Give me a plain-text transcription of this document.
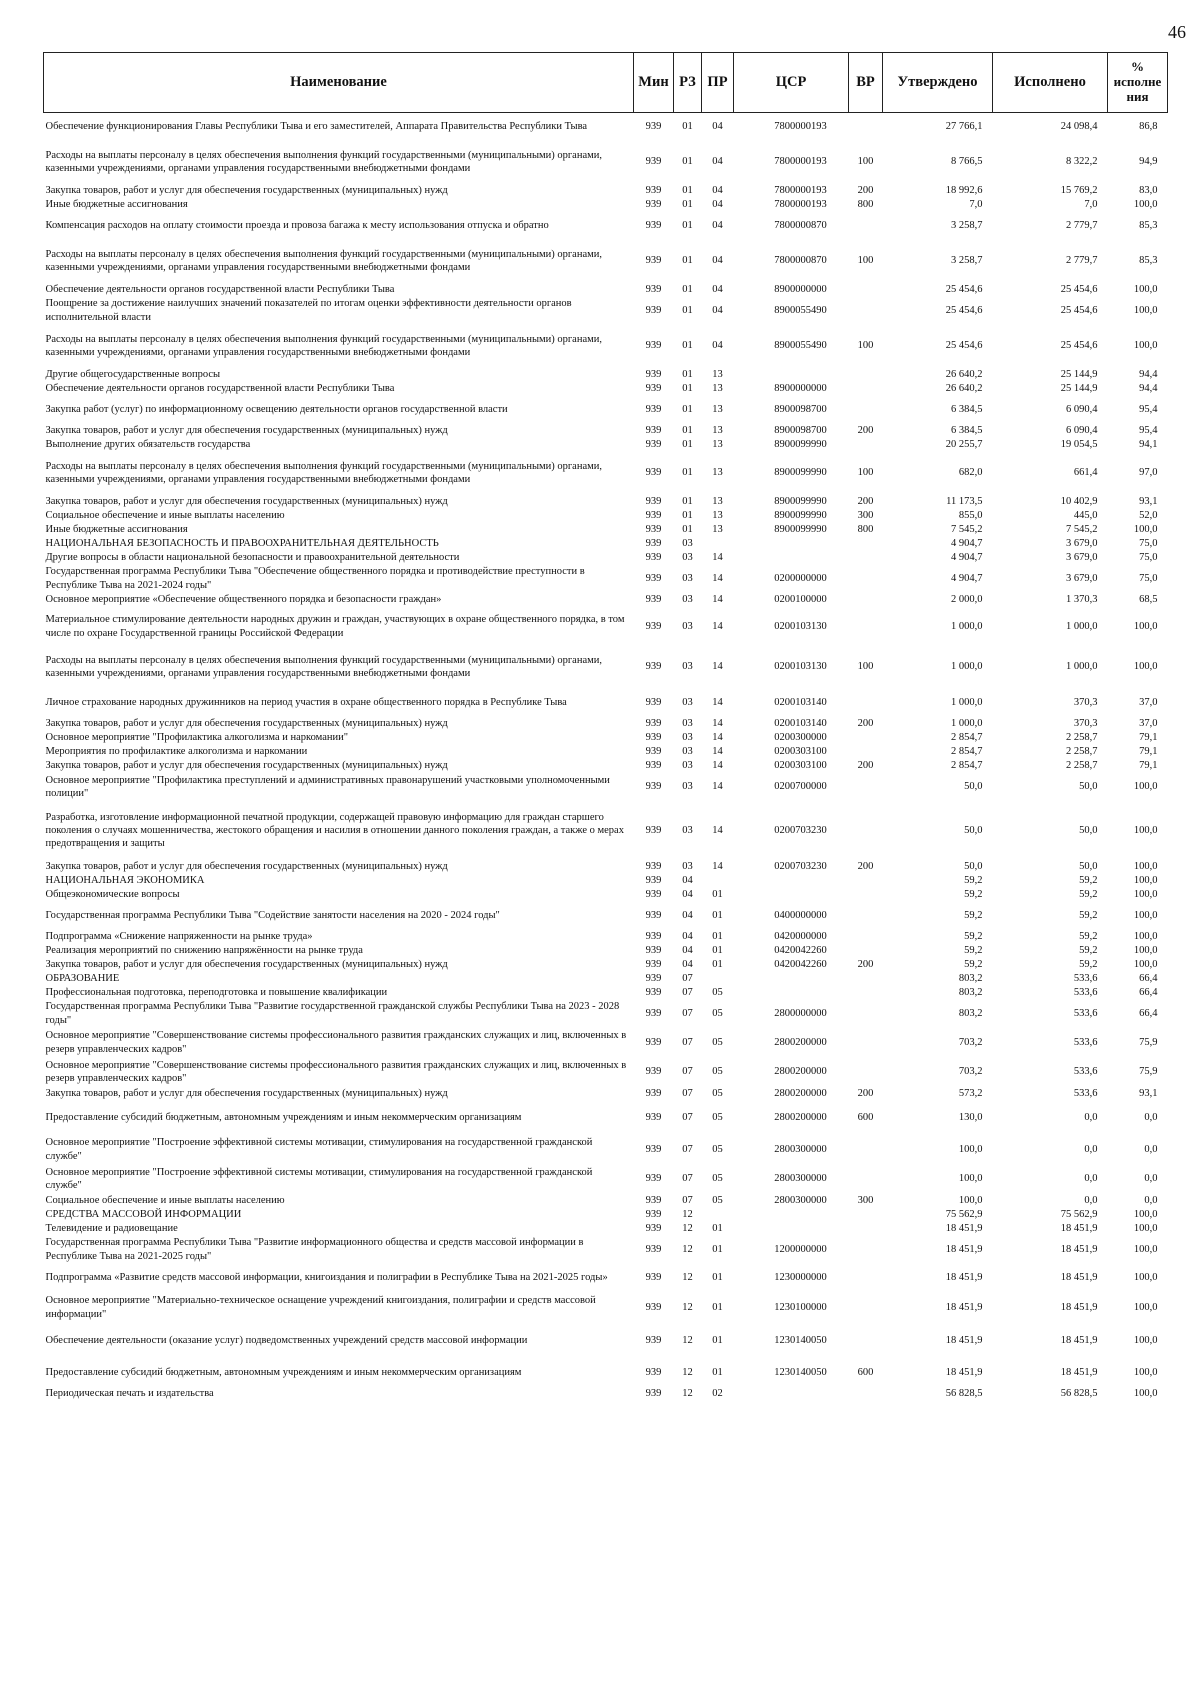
46
Наименование	Мин	РЗ	ПР	ЦСР	ВР	Утверждено	Исполнено	% исполне ния
Обеспечение функционирования Главы Республики Тыва и его заместителей, Аппарата Правительства Республики Тыва	939	01	04	7800000193		27 766,1	24 098,4	86,8
Расходы на выплаты персоналу в целях обеспечения выполнения функций государственными (муниципальными) органами, казенными учреждениями, органами управления государственными внебюджетными фондами	939	01	04	7800000193	100	8 766,5	8 322,2	94,9
Закупка товаров, работ и услуг для обеспечения государственных (муниципальных) нужд	939	01	04	7800000193	200	18 992,6	15 769,2	83,0
Иные бюджетные ассигнования	939	01	04	7800000193	800	7,0	7,0	100,0
Компенсация расходов на оплату стоимости проезда и провоза багажа к месту использования отпуска и обратно	939	01	04	7800000870		3 258,7	2 779,7	85,3
Расходы на выплаты персоналу в целях обеспечения выполнения функций государственными (муниципальными) органами, казенными учреждениями, органами управления государственными внебюджетными фондами	939	01	04	7800000870	100	3 258,7	2 779,7	85,3
Обеспечение деятельности органов государственной власти Республики Тыва	939	01	04	8900000000		25 454,6	25 454,6	100,0
Поощрение за достижение наилучших значений показателей по итогам оценки эффективности деятельности органов исполнительной власти	939	01	04	8900055490		25 454,6	25 454,6	100,0
Расходы на выплаты персоналу в целях обеспечения выполнения функций государственными (муниципальными) органами, казенными учреждениями, органами управления государственными внебюджетными фондами	939	01	04	8900055490	100	25 454,6	25 454,6	100,0
Другие общегосударственные вопросы	939	01	13			26 640,2	25 144,9	94,4
Обеспечение деятельности органов государственной власти Республики Тыва	939	01	13	8900000000		26 640,2	25 144,9	94,4
Закупка работ (услуг) по информационному освещению деятельности органов государственной власти	939	01	13	8900098700		6 384,5	6 090,4	95,4
Закупка товаров, работ и услуг для обеспечения государственных (муниципальных) нужд	939	01	13	8900098700	200	6 384,5	6 090,4	95,4
Выполнение других обязательств государства	939	01	13	8900099990		20 255,7	19 054,5	94,1
Расходы на выплаты персоналу в целях обеспечения выполнения функций государственными (муниципальными) органами, казенными учреждениями, органами управления государственными внебюджетными фондами	939	01	13	8900099990	100	682,0	661,4	97,0
Закупка товаров, работ и услуг для обеспечения государственных (муниципальных) нужд	939	01	13	8900099990	200	11 173,5	10 402,9	93,1
Социальное обеспечение и иные выплаты населению	939	01	13	8900099990	300	855,0	445,0	52,0
Иные бюджетные ассигнования	939	01	13	8900099990	800	7 545,2	7 545,2	100,0
НАЦИОНАЛЬНАЯ БЕЗОПАСНОСТЬ И ПРАВООХРАНИТЕЛЬНАЯ ДЕЯТЕЛЬНОСТЬ	939	03				4 904,7	3 679,0	75,0
Другие вопросы в области национальной безопасности и правоохранительной деятельности	939	03	14			4 904,7	3 679,0	75,0
Государственная программа Республики Тыва "Обеспечение общественного порядка и противодействие преступности в Республике Тыва на 2021-2024 годы"	939	03	14	0200000000		4 904,7	3 679,0	75,0
Основное мероприятие «Обеспечение общественного порядка и безопасности граждан»	939	03	14	0200100000		2 000,0	1 370,3	68,5
Материальное стимулирование деятельности народных дружин и граждан, участвующих в охране общественного порядка, в том числе по охране Государственной границы Российской Федерации	939	03	14	0200103130		1 000,0	1 000,0	100,0
Расходы на выплаты персоналу в целях обеспечения выполнения функций государственными (муниципальными) органами, казенными учреждениями, органами управления государственными внебюджетными фондами	939	03	14	0200103130	100	1 000,0	1 000,0	100,0
Личное страхование народных дружинников на период участия в охране общественного порядка в Республике Тыва	939	03	14	0200103140		1 000,0	370,3	37,0
Закупка товаров, работ и услуг для обеспечения государственных (муниципальных) нужд	939	03	14	0200103140	200	1 000,0	370,3	37,0
Основное мероприятие "Профилактика алкоголизма и наркомании"	939	03	14	0200300000		2 854,7	2 258,7	79,1
Мероприятия по профилактике алкоголизма и наркомании	939	03	14	0200303100		2 854,7	2 258,7	79,1
Закупка товаров, работ и услуг для обеспечения государственных (муниципальных) нужд	939	03	14	0200303100	200	2 854,7	2 258,7	79,1
Основное мероприятие "Профилактика преступлений и административных правонарушений участковыми уполномоченными полиции"	939	03	14	0200700000		50,0	50,0	100,0
Разработка, изготовление информационной печатной продукции, содержащей правовую информацию для граждан старшего поколения о случаях мошенничества, жестокого обращения и насилия в отношении данного поколения граждан, а также о мерах предотвращения и защиты	939	03	14	0200703230		50,0	50,0	100,0
Закупка товаров, работ и услуг для обеспечения государственных (муниципальных) нужд	939	03	14	0200703230	200	50,0	50,0	100,0
НАЦИОНАЛЬНАЯ ЭКОНОМИКА	939	04				59,2	59,2	100,0
Общеэкономические вопросы	939	04	01			59,2	59,2	100,0
Государственная программа Республики Тыва "Содействие занятости населения на 2020 - 2024 годы"	939	04	01	0400000000		59,2	59,2	100,0
Подпрограмма «Снижение напряженности на рынке труда»	939	04	01	0420000000		59,2	59,2	100,0
Реализация мероприятий по снижению напряжённости на рынке труда	939	04	01	0420042260		59,2	59,2	100,0
Закупка товаров, работ и услуг для обеспечения государственных (муниципальных) нужд	939	04	01	0420042260	200	59,2	59,2	100,0
ОБРАЗОВАНИЕ	939	07				803,2	533,6	66,4
Профессиональная подготовка, переподготовка и повышение квалификации	939	07	05			803,2	533,6	66,4
Государственная программа Республики Тыва "Развитие государственной гражданской службы Республики Тыва на 2023 - 2028 годы"	939	07	05	2800000000		803,2	533,6	66,4
Основное мероприятие "Совершенствование системы профессионального развития гражданских служащих и лиц, включенных в резерв управленческих кадров"	939	07	05	2800200000		703,2	533,6	75,9
Основное мероприятие "Совершенствование системы профессионального развития гражданских служащих и лиц, включенных в резерв управленческих кадров"	939	07	05	2800200000		703,2	533,6	75,9
Закупка товаров, работ и услуг для обеспечения государственных (муниципальных) нужд	939	07	05	2800200000	200	573,2	533,6	93,1
Предоставление субсидий бюджетным, автономным учреждениям и иным некоммерческим организациям	939	07	05	2800200000	600	130,0	0,0	0,0
Основное мероприятие "Построение эффективной системы мотивации, стимулирования на государственной гражданской службе"	939	07	05	2800300000		100,0	0,0	0,0
Основное мероприятие "Построение эффективной системы мотивации, стимулирования на государственной гражданской службе"	939	07	05	2800300000		100,0	0,0	0,0
Социальное обеспечение и иные выплаты населению	939	07	05	2800300000	300	100,0	0,0	0,0
СРЕДСТВА МАССОВОЙ ИНФОРМАЦИИ	939	12				75 562,9	75 562,9	100,0
Телевидение и радиовещание	939	12	01			18 451,9	18 451,9	100,0
Государственная программа Республики Тыва "Развитие информационного общества и средств массовой информации в Республике Тыва на 2021-2025 годы"	939	12	01	1200000000		18 451,9	18 451,9	100,0
Подпрограмма «Развитие средств массовой информации, книгоиздания и полиграфии в Республике Тыва на 2021-2025 годы»	939	12	01	1230000000		18 451,9	18 451,9	100,0
Основное мероприятие "Материально-техническое оснащение учреждений книгоиздания, полиграфии и средств массовой информации"	939	12	01	1230100000		18 451,9	18 451,9	100,0
Обеспечение деятельности (оказание услуг) подведомственных учреждений средств массовой информации	939	12	01	1230140050		18 451,9	18 451,9	100,0
Предоставление субсидий бюджетным, автономным учреждениям и иным некоммерческим организациям	939	12	01	1230140050	600	18 451,9	18 451,9	100,0
Периодическая печать и издательства	939	12	02			56 828,5	56 828,5	100,0
